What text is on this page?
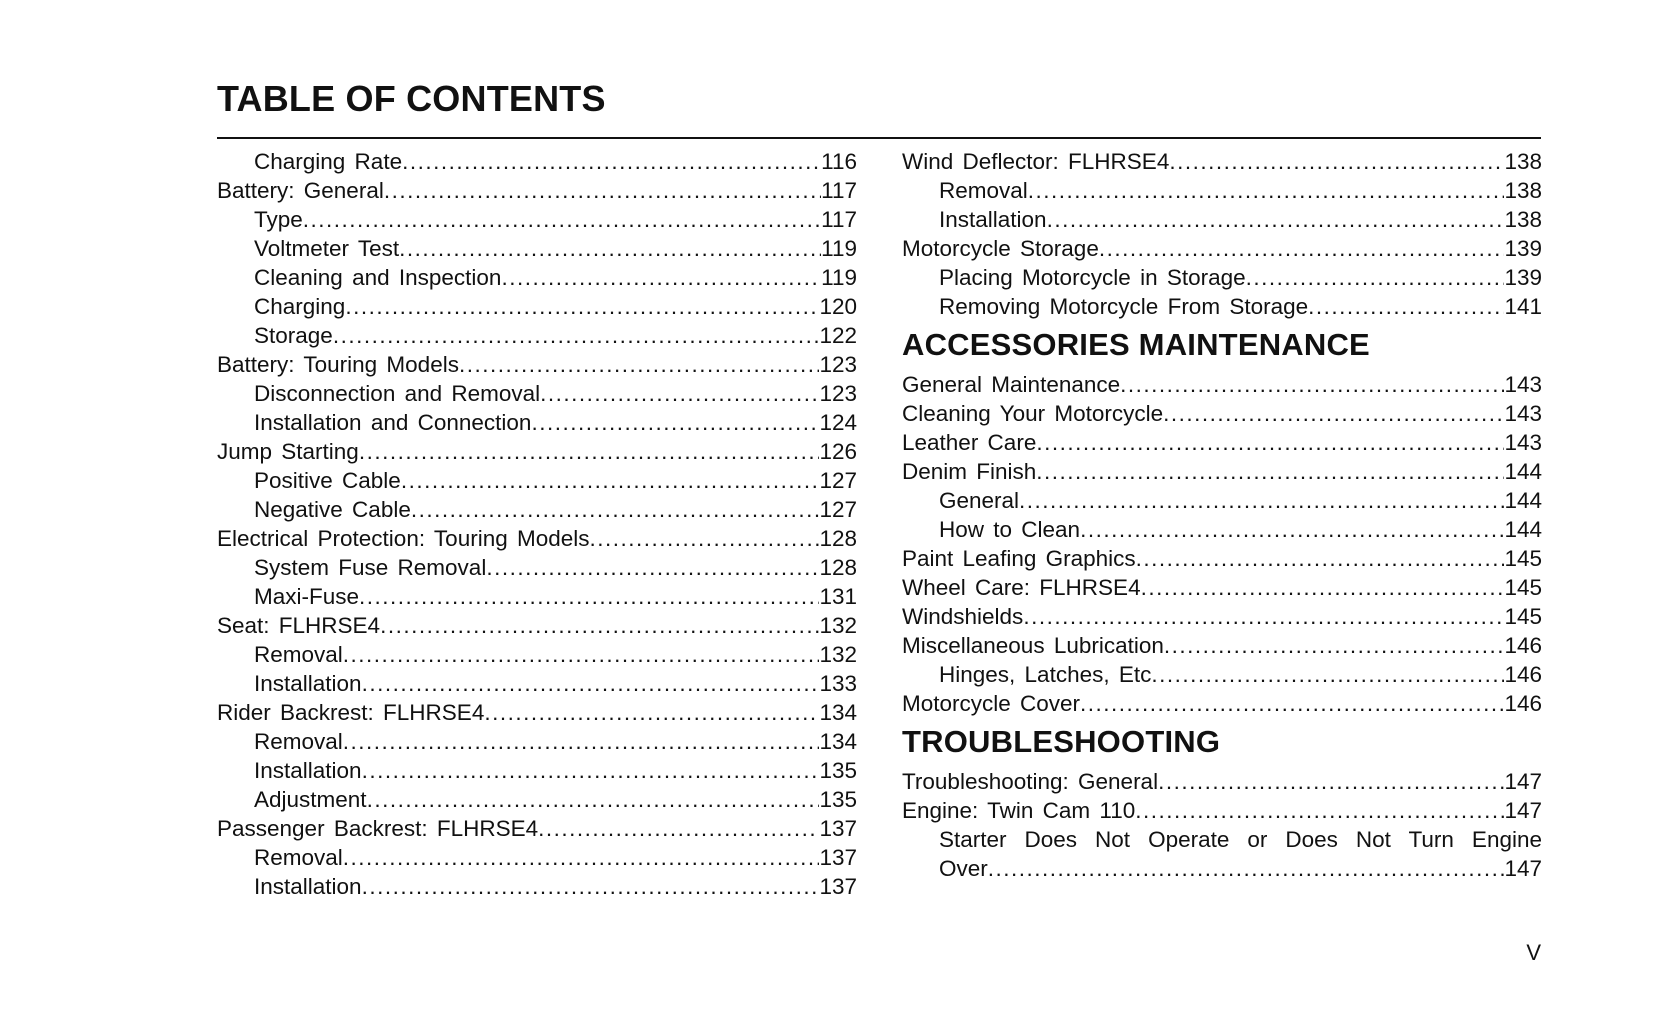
TABLE OF CONTENTS
Charging Rate .....	116
Battery: General .....	117
Type .....	117
Voltmeter Test .....	119
Cleaning and Inspection .....	119
Charging .....	120
Storage .....	122
Battery: Touring Models .....	123
Disconnection and Removal .....	123
Installation and Connection .....	124
Jump Starting .....	126
Positive Cable .....	127
Negative Cable .....	127
Electrical Protection: Touring Models .....	128
System Fuse Removal .....	128
Maxi-Fuse .....	131
Seat: FLHRSE4 .....	132
Removal .....	132
Installation .....	133
Rider Backrest: FLHRSE4 .....	134
Removal .....	134
Installation .....	135
Adjustment .....	135
Passenger Backrest: FLHRSE4 .....	137
Removal .....	137
Installation .....	137
Wind Deflector: FLHRSE4 .....	138
Removal .....	138
Installation .....	138
Motorcycle Storage .....	139
Placing Motorcycle in Storage .....	139
Removing Motorcycle From Storage .....	141
ACCESSORIES MAINTENANCE
General Maintenance .....	143
Cleaning Your Motorcycle .....	143
Leather Care .....	143
Denim Finish .....	144
General .....	144
How to Clean .....	144
Paint Leafing Graphics .....	145
Wheel Care: FLHRSE4 .....	145
Windshields .....	145
Miscellaneous Lubrication .....	146
Hinges, Latches, Etc .....	146
Motorcycle Cover .....	146
TROUBLESHOOTING
Troubleshooting: General .....	147
Engine: Twin Cam 110 .....	147
Starter Does Not Operate or Does Not Turn Engine
Over .....	147
V
